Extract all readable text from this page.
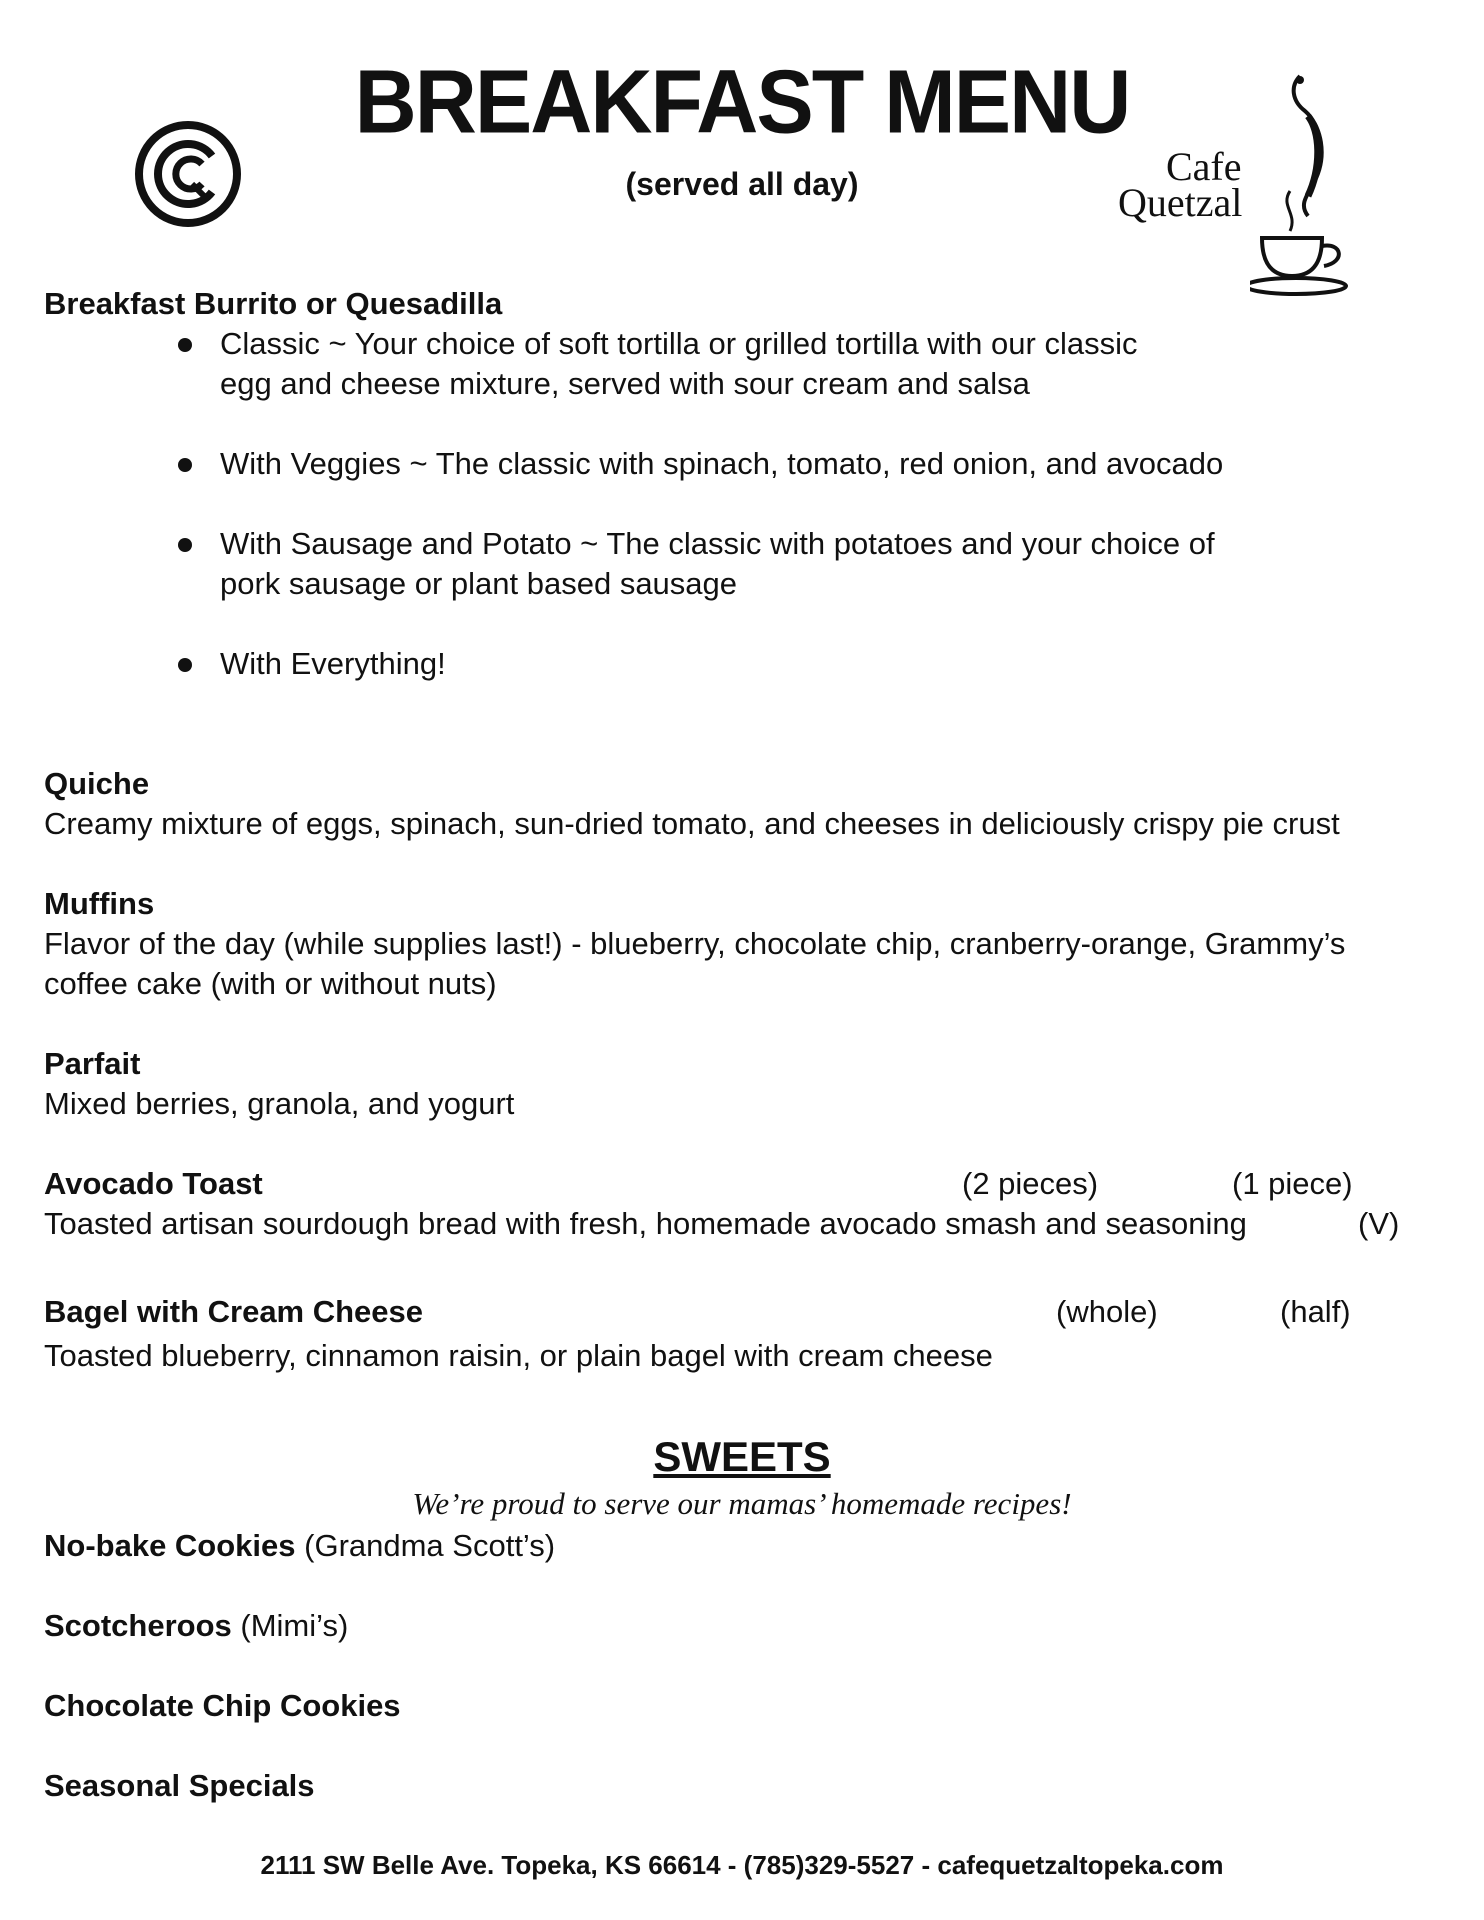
BREAKFAST MENU
(served all day)	Cafe
Quetzal
Breakfast Burrito or Quesadilla
Classic ~ Your choice of soft tortilla or grilled tortilla with our classic
egg and cheese mixture, served with sour cream and salsa
With Veggies ~ The classic with spinach, tomato, red onion, and avocado
With Sausage and Potato ~ The classic with potatoes and your choice of
pork sausage or plant based sausage
With Everything!
Quiche
Creamy mixture of eggs, spinach, sun-dried tomato, and cheeses in deliciously crispy pie crust
Muffins
Flavor of the day (while supplies last!) - blueberry, chocolate chip, cranberry-orange, Grammy’s
coffee cake (with or without nuts)
Parfait
Mixed berries, granola, and yogurt
Avocado Toast	(2 pieces)	(1 piece)
Toasted artisan sourdough bread with fresh, homemade avocado smash and seasoning	(V)
Bagel with Cream Cheese	(whole)	(half)
Toasted blueberry, cinnamon raisin, or plain bagel with cream cheese
SWEETS
We’re proud to serve our mamas’ homemade recipes!
No-bake Cookies (Grandma Scott’s)
Scotcheroos (Mimi’s)
Chocolate Chip Cookies
Seasonal Specials
2111 SW Belle Ave. Topeka, KS 66614 - (785)329-5527 - cafequetzaltopeka.com
